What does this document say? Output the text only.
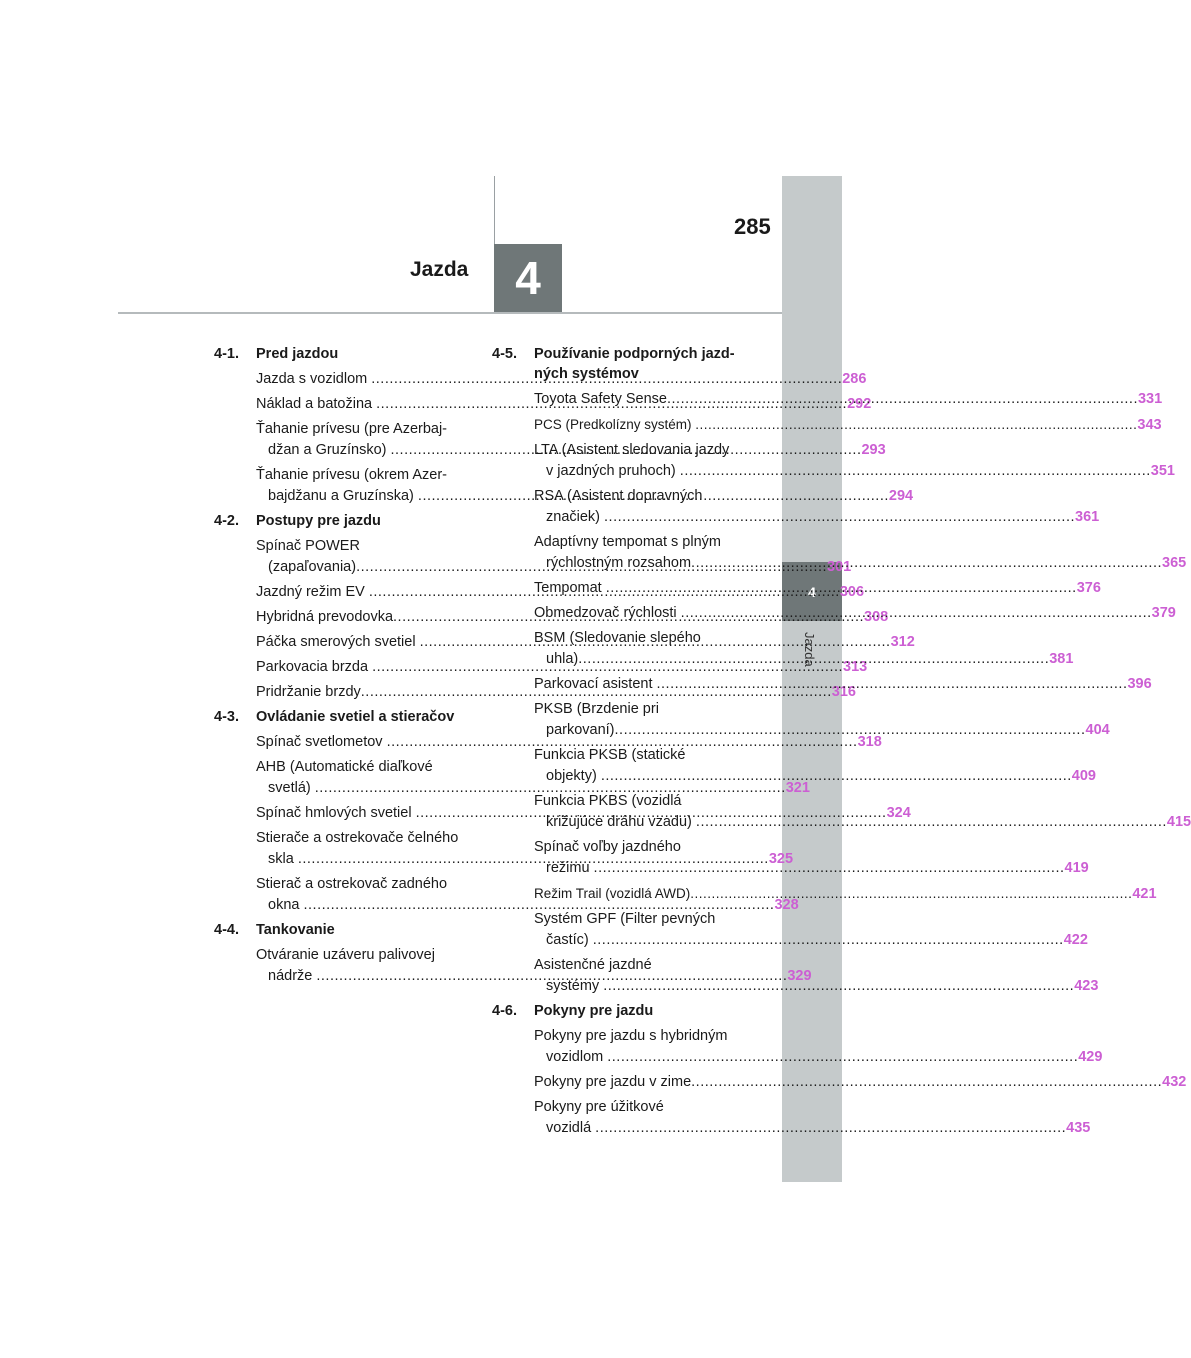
285
Jazda	4
4
Jazda
4-1.	Pred jazdou
Jazda s vozidlom .....	286
Náklad a batožina .....	292
Ťahanie prívesu (pre Azerbaj-
džan a Gruzínsko) .....	293
Ťahanie prívesu (okrem Azer-
bajdžanu a Gruzínska) .....	294
4-2.	Postupy pre jazdu
Spínač POWER
(zapaľovania) .....	301
Jazdný režim EV .....	306
Hybridná prevodovka .....	308
Páčka smerových svetiel .....	312
Parkovacia brzda .....	313
Pridržanie brzdy .....	316
4-3.	Ovládanie svetiel a stieračov
Spínač svetlometov .....	318
AHB (Automatické diaľkové
svetlá) .....	321
Spínač hmlových svetiel .....	324
Stierače a ostrekovače čelného
skla .....	325
Stierač a ostrekovač zadného
okna .....	328
4-4.	Tankovanie
Otváranie uzáveru palivovej
nádrže .....	329
4-5.	Používanie podporných jazd-
ných systémov
Toyota Safety Sense .....	331
PCS (Predkolízny systém) .....	343
LTA (Asistent sledovania jazdy
v jazdných pruhoch) .....	351
RSA (Asistent dopravných
značiek) .....	361
Adaptívny tempomat s plným
rýchlostným rozsahom .....	365
Tempomat .....	376
Obmedzovač rýchlosti .....	379
BSM (Sledovanie slepého
uhla) .....	381
Parkovací asistent .....	396
PKSB (Brzdenie pri
parkovaní) .....	404
Funkcia PKSB (statické
objekty) .....	409
Funkcia PKBS (vozidlá
križujúce dráhu vzadu) .....	415
Spínač voľby jazdného
režimu .....	419
Režim Trail (vozidlá AWD) .....	421
Systém GPF (Filter pevných
častíc) .....	422
Asistenčné jazdné
systémy .....	423
4-6.	Pokyny pre jazdu
Pokyny pre jazdu s hybridným
vozidlom .....	429
Pokyny pre jazdu v zime .....	432
Pokyny pre úžitkové
vozidlá .....	435
